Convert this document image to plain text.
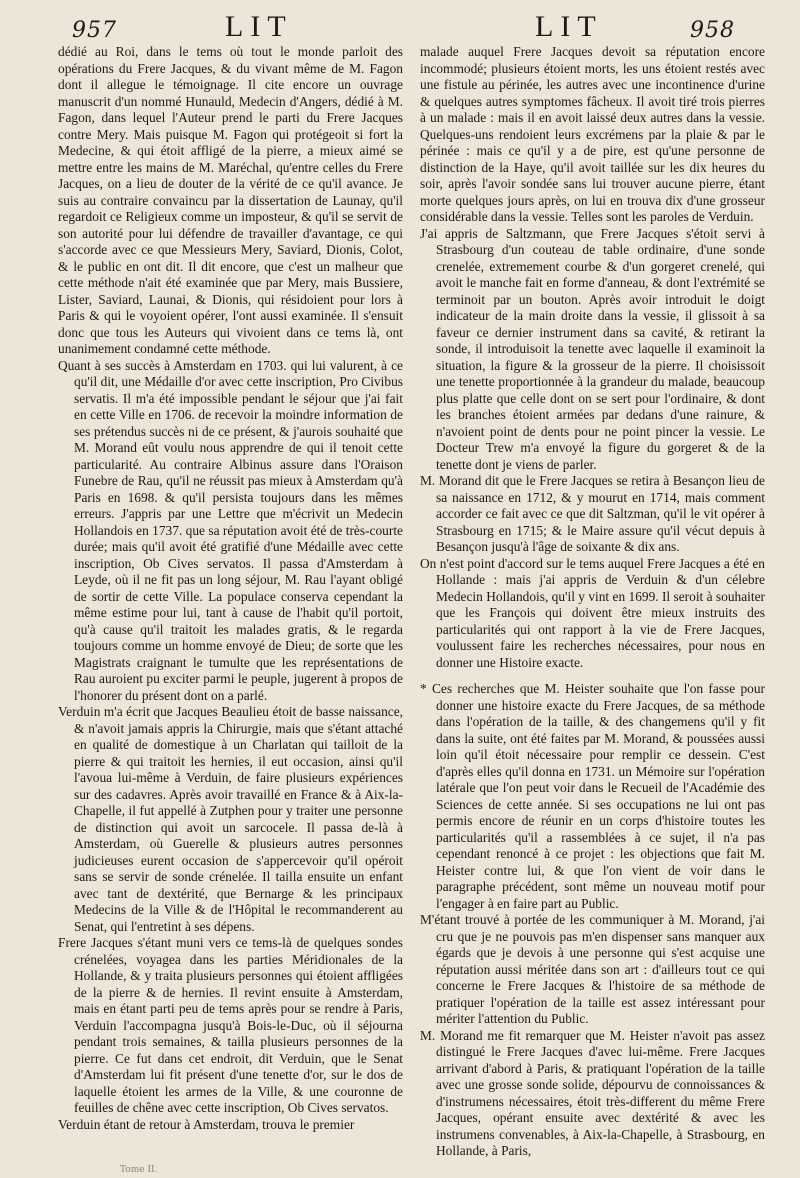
957	LIT	LIT	958

dédié au Roi, dans le tems où tout le monde parloit des opérations du Frere Jacques, & du vivant même de M. Fagon dont il allegue le témoignage. Il cite encore un ouvrage manuscrit d'un nommé Hunauld, Medecin d'Angers, dédié à M. Fagon, dans lequel l'Auteur prend le parti du Frere Jacques contre Mery. Mais puisque M. Fagon qui protégeoit si fort la Medecine, & qui étoit affligé de la pierre, a mieux aimé se mettre entre les mains de M. Maréchal, qu'entre celles du Frere Jacques, on a lieu de douter de la vérité de ce qu'il avance. Je suis au contraire convaincu par la dissertation de Launay, qu'il regardoit ce Religieux comme un imposteur, & qu'il se servit de son autorité pour lui défendre de travailler d'avantage, ce qui s'accorde avec ce que Messieurs Mery, Saviard, Dionis, Colot, & le public en ont dit. Il dit encore, que c'est un malheur que cette méthode n'ait été examinée que par Mery, mais Bussiere, Lister, Saviard, Launai, & Dionis, qui résidoient pour lors à Paris & qui le voyoient opérer, l'ont aussi examinée. Il s'ensuit donc que tous les Auteurs qui vivoient dans ce tems là, ont unanimement condamné cette méthode.

Quant à ses succès à Amsterdam en 1703. qui lui valurent, à ce qu'il dit, une Médaille d'or avec cette inscription, Pro Civibus servatis. Il m'a été impossible pendant le séjour que j'ai fait en cette Ville en 1706. de recevoir la moindre information de ses prétendus succès ni de ce présent, & j'aurois souhaité que M. Morand eût voulu nous apprendre de qui il tenoit cette particularité. Au contraire Albinus assure dans l'Oraison Funebre de Rau, qu'il ne réussit pas mieux à Amsterdam qu'à Paris en 1698. & qu'il persista toujours dans les mêmes erreurs. J'appris par une Lettre que m'écrivit un Medecin Hollandois en 1737. que sa réputation avoit été de très-courte durée; mais qu'il avoit été gratifié d'une Médaille avec cette inscription, Ob Cives servatos. Il passa d'Amsterdam à Leyde, où il ne fit pas un long séjour, M. Rau l'ayant obligé de sortir de cette Ville. La populace conserva cependant la même estime pour lui, tant à cause de l'habit qu'il portoit, qu'à cause qu'il traitoit les malades gratis, & le regarda toujours comme un homme envoyé de Dieu; de sorte que les Magistrats craignant le tumulte que les représentations de Rau auroient pu exciter parmi le peuple, jugerent à propos de l'honorer du présent dont on a parlé.

Verduin m'a écrit que Jacques Beaulieu étoit de basse naissance, & n'avoit jamais appris la Chirurgie, mais que s'étant attaché en qualité de domestique à un Charlatan qui tailloit de la pierre & qui traitoit les hernies, il eut occasion, ainsi qu'il l'avoua lui-même à Verduin, de faire plusieurs expériences sur des cadavres. Après avoir travaillé en France & à Aix-la-Chapelle, il fut appellé à Zutphen pour y traiter une personne de distinction qui avoit un sarcocele. Il passa de-là à Amsterdam, où Guerelle & plusieurs autres personnes judicieuses eurent occasion de s'appercevoir qu'il opéroit sans se servir de sonde crénelée. Il tailla ensuite un enfant avec tant de dextérité, que Bernarge & les principaux Medecins de la Ville & de l'Hôpital le recommanderent au Senat, qui l'entretint à ses dépens.

Frere Jacques s'étant muni vers ce tems-là de quelques sondes crénelées, voyagea dans les parties Méridionales de la Hollande, & y traita plusieurs personnes qui étoient affligées de la pierre & de hernies. Il revint ensuite à Amsterdam, mais en étant parti peu de tems après pour se rendre à Paris, Verduin l'accompagna jusqu'à Bois-le-Duc, où il séjourna pendant trois semaines, & tailla plusieurs personnes de la pierre. Ce fut dans cet endroit, dit Verduin, que le Senat d'Amsterdam lui fit présent d'une tenette d'or, sur le dos de laquelle étoient les armes de la Ville, & une couronne de feuilles de chêne avec cette inscription, Ob Cives servatos.

Verduin étant de retour à Amsterdam, trouva le premier

malade auquel Frere Jacques devoit sa réputation encore incommodé; plusieurs étoient morts, les uns étoient restés avec une fistule au périnée, les autres avec une incontinence d'urine & quelques autres symptomes fâcheux. Il avoit tiré trois pierres à un malade : mais il en avoit laissé deux autres dans la vessie. Quelques-uns rendoient leurs excrémens par la plaie & par le périnée : mais ce qu'il y a de pire, est qu'une personne de distinction de la Haye, qu'il avoit taillée sur les dix heures du soir, après l'avoir sondée sans lui trouver aucune pierre, étant morte quelques jours après, on lui en trouva dix d'une grosseur considérable dans la vessie. Telles sont les paroles de Verduin.

J'ai appris de Saltzmann, que Frere Jacques s'étoit servi à Strasbourg d'un couteau de table ordinaire, d'une sonde crenelée, extremement courbe & d'un gorgeret crenelé, qui avoit le manche fait en forme d'anneau, & dont l'extrémité se terminoit par un bouton. Après avoir introduit le doigt indicateur de la main droite dans la vessie, il glissoit à sa faveur ce dernier instrument dans sa cavité, & retirant la sonde, il introduisoit la tenette avec laquelle il examinoit la situation, la figure & la grosseur de la pierre. Il choisissoit une tenette proportionnée à la grandeur du malade, beaucoup plus platte que celle dont on se sert pour l'ordinaire, & dont les branches étoient armées par dedans d'une rainure, & n'avoient point de dents pour ne point pincer la vessie. Le Docteur Trew m'a envoyé la figure du gorgeret & de la tenette dont je viens de parler.

M. Morand dit que le Frere Jacques se retira à Besançon lieu de sa naissance en 1712, & y mourut en 1714, mais comment accorder ce fait avec ce que dit Saltzman, qu'il le vit opérer à Strasbourg en 1715; & le Maire assure qu'il vécut depuis à Besançon jusqu'à l'âge de soixante & dix ans.

On n'est point d'accord sur le tems auquel Frere Jacques a été en Hollande : mais j'ai appris de Verduin & d'un célebre Medecin Hollandois, qu'il y vint en 1699. Il seroit à souhaiter que les François qui doivent être mieux instruits des particularités qui ont rapport à la vie de Frere Jacques, voulussent faire les recherches nécessaires, pour nous en donner une Histoire exacte.

* Ces recherches que M. Heister souhaite que l'on fasse pour donner une histoire exacte du Frere Jacques, de sa méthode dans l'opération de la taille, & des changemens qu'il y fit dans la suite, ont été faites par M. Morand, & poussées aussi loin qu'il étoit nécessaire pour remplir ce dessein. C'est d'après elles qu'il donna en 1731. un Mémoire sur l'opération latérale que l'on peut voir dans le Recueil de l'Académie des Sciences de cette année. Si ses occupations ne lui ont pas permis encore de réunir en un corps d'histoire toutes les particularités qu'il a rassemblées à ce sujet, il n'a pas cependant renoncé à ce projet : les objections que fait M. Heister contre lui, & que l'on vient de voir dans le paragraphe précédent, sont même un nouveau motif pour l'engager à en faire part au Public.

M'étant trouvé à portée de les communiquer à M. Morand, j'ai cru que je ne pouvois pas m'en dispenser sans manquer aux égards que je devois à une personne qui s'est acquise une réputation aussi méritée dans son art : d'ailleurs tout ce qui concerne le Frere Jacques & l'histoire de sa méthode de pratiquer l'opération de la taille est assez intéressant pour mériter l'attention du Public.

M. Morand me fit remarquer que M. Heister n'avoit pas assez distingué le Frere Jacques d'avec lui-même. Frere Jacques arrivant d'abord à Paris, & pratiquant l'opération de la taille avec une grosse sonde solide, dépourvu de connoissances & d'instrumens nécessaires, étoit très-different du même Frere Jacques, opérant ensuite avec dextérité & avec les instrumens convenables, à Aix-la-Chapelle, à Strasbourg, en Hollande, à Paris,

Tome II.
